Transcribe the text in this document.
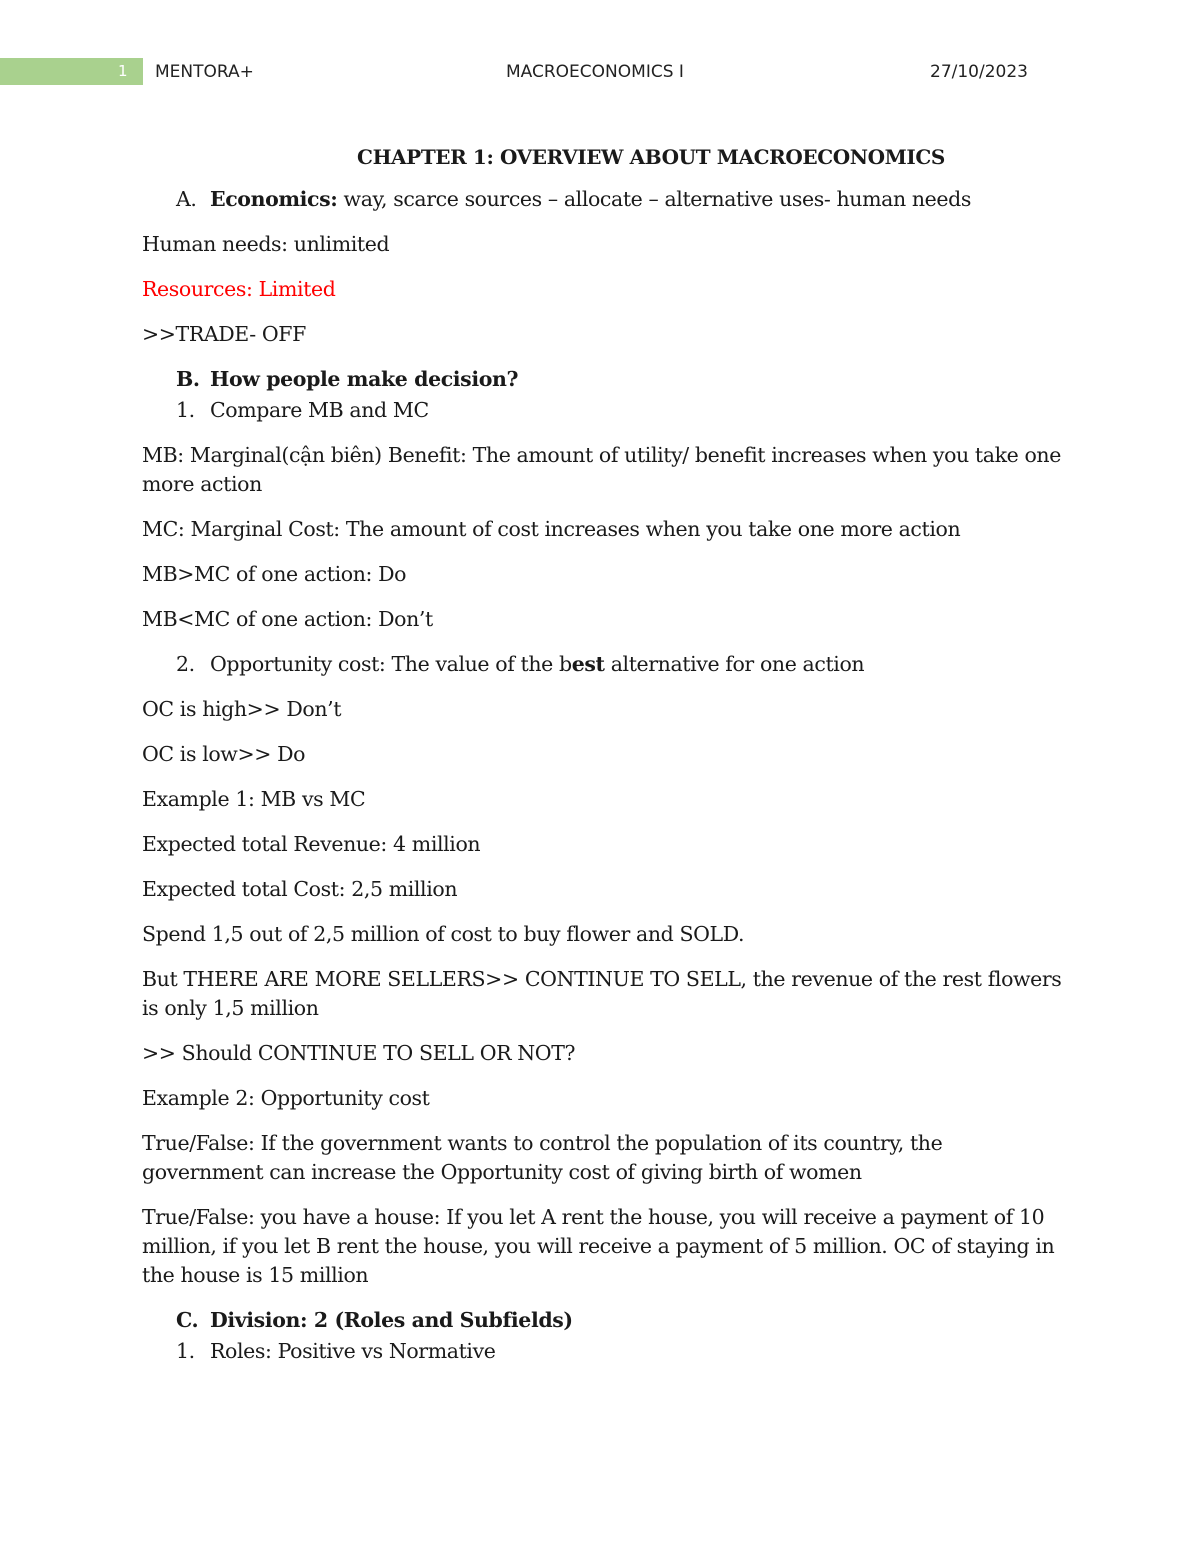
1 MENTORA+	MACROECONOMICS I	27/10/2023
CHAPTER 1: OVERVIEW ABOUT MACROECONOMICS
A. Economics: way, scarce sources – allocate – alternative uses- human needs

Human needs: unlimited

Resources: Limited

>>TRADE- OFF

B. How people make decision?
1. Compare MB and MC

MB: Marginal(cận biên) Benefit: The amount of utility/ benefit increases when you take one more action

MC: Marginal Cost: The amount of cost increases when you take one more action

MB>MC of one action: Do

MB<MC of one action: Don’t

2. Opportunity cost: The value of the best alternative for one action

OC is high>> Don’t

OC is low>> Do

Example 1: MB vs MC

Expected total Revenue: 4 million

Expected total Cost: 2,5 million

Spend 1,5 out of 2,5 million of cost to buy flower and SOLD.

But THERE ARE MORE SELLERS>> CONTINUE TO SELL, the revenue of the rest flowers is only 1,5 million

>> Should CONTINUE TO SELL OR NOT?

Example 2: Opportunity cost

True/False: If the government wants to control the population of its country, the government can increase the Opportunity cost of giving birth of women

True/False: you have a house: If you let A rent the house, you will receive a payment of 10 million, if you let B rent the house, you will receive a payment of 5 million. OC of staying in the house is 15 million

C. Division: 2 (Roles and Subfields)
1. Roles: Positive vs Normative
